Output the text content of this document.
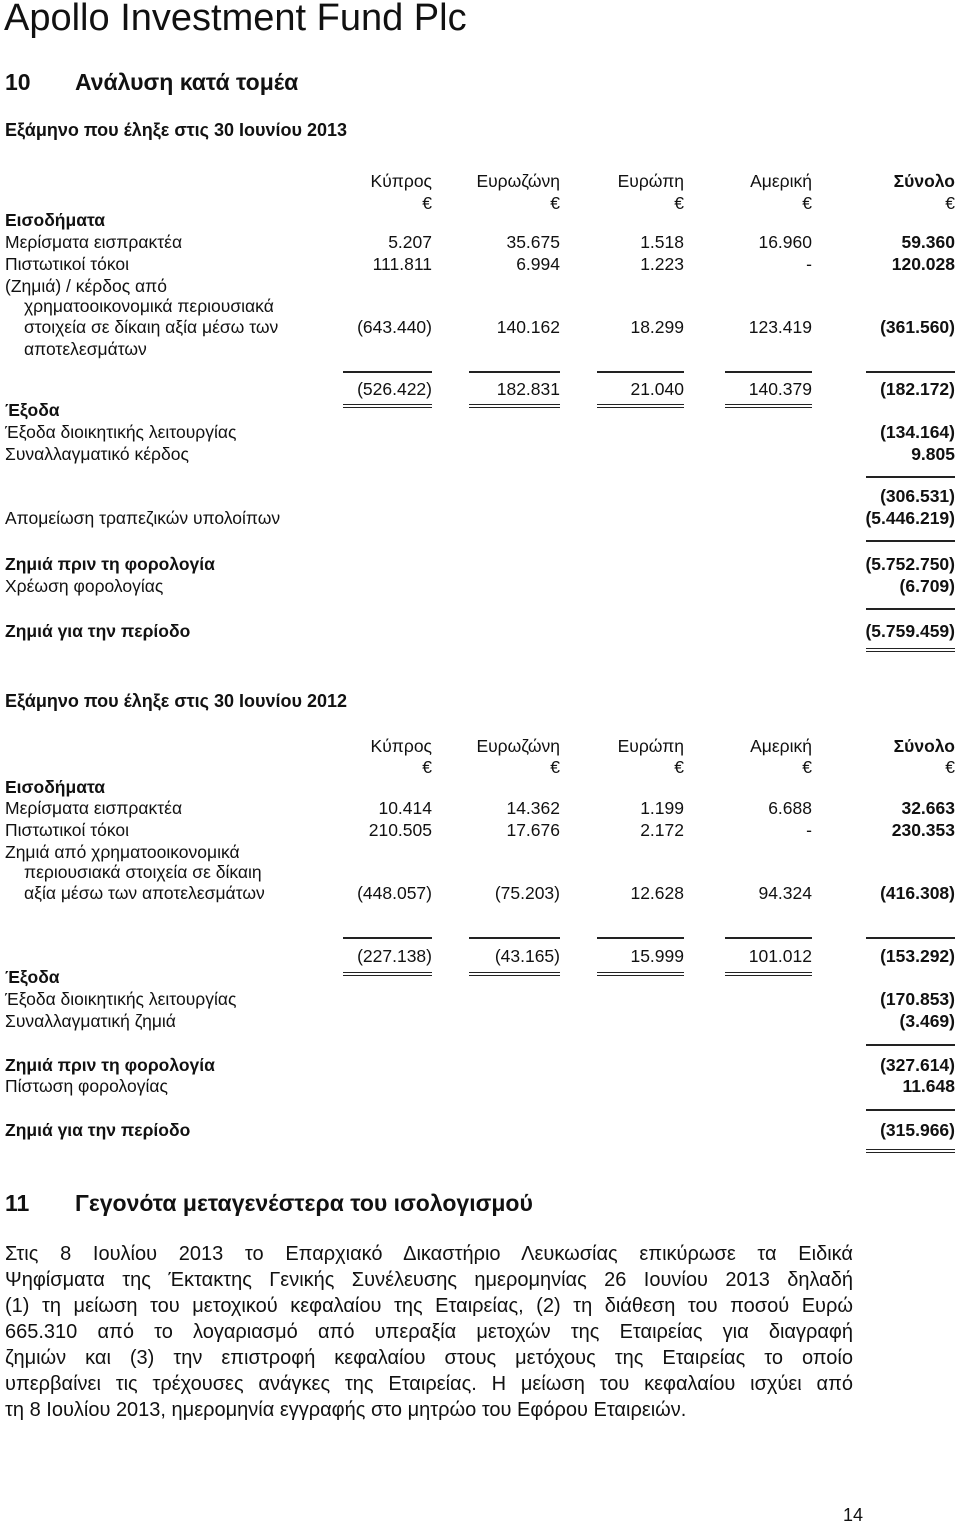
Apollo Investment Fund Plc
10 Ανάλυση κατά τομέα
Εξάμηνο που έληξε στις 30 Ιουνίου 2013
Κύπρος	Ευρωζώνη	Ευρώπη	Αμερική	Σύνολο
€	€	€	€	€
Εισοδήματα
Μερίσματα εισπρακτέα	5.207	35.675	1.518	16.960	59.360
Πιστωτικοί τόκοι	111.811	6.994	1.223	-	120.028
(Ζημιά) / κέρδος από
χρηματοοικονομικά περιουσιακά
στοιχεία σε δίκαιη αξία μέσω των	(643.440)	140.162	18.299	123.419	(361.560)
αποτελεσμάτων
(526.422)	182.831	21.040	140.379	(182.172)
Έξοδα
Έξοδα διοικητικής λειτουργίας	(134.164)
Συναλλαγματικό κέρδος	9.805
(306.531)
Απομείωση τραπεζικών υπολοίπων	(5.446.219)
Ζημιά πριν τη φορολογία	(5.752.750)
Χρέωση φορολογίας	(6.709)
Ζημιά για την περίοδο	(5.759.459)
Εξάμηνο που έληξε στις 30 Ιουνίου 2012
Κύπρος	Ευρωζώνη	Ευρώπη	Αμερική	Σύνολο
€	€	€	€	€
Εισοδήματα
Μερίσματα εισπρακτέα	10.414	14.362	1.199	6.688	32.663
Πιστωτικοί τόκοι	210.505	17.676	2.172	-	230.353
Ζημιά από χρηματοοικονομικά
περιουσιακά στοιχεία σε δίκαιη
αξία μέσω των αποτελεσμάτων	(448.057)	(75.203)	12.628	94.324	(416.308)
(227.138)	(43.165)	15.999	101.012	(153.292)
Έξοδα
Έξοδα διοικητικής λειτουργίας	(170.853)
Συναλλαγματική ζημιά	(3.469)
Ζημιά πριν τη φορολογία	(327.614)
Πίστωση φορολογίας	11.648
Ζημιά για την περίοδο	(315.966)
11 Γεγονότα μεταγενέστερα του ισολογισμού
Στις 8 Ιουλίου 2013 το Επαρχιακό Δικαστήριο Λευκωσίας επικύρωσε τα Ειδικά
Ψηφίσματα της Έκτακτης Γενικής Συνέλευσης ημερομηνίας 26 Ιουνίου 2013 δηλαδή
(1) τη μείωση του μετοχικού κεφαλαίου της Εταιρείας, (2) τη διάθεση του ποσού Ευρώ
665.310 από το λογαριασμό από υπεραξία μετοχών της Εταιρείας για διαγραφή
ζημιών και (3) την επιστροφή κεφαλαίου στους μετόχους της Εταιρείας το οποίο
υπερβαίνει τις τρέχουσες ανάγκες της Εταιρείας. Η μείωση του κεφαλαίου ισχύει από
τη 8 Ιουλίου 2013, ημερομηνία εγγραφής στο μητρώο του Εφόρου Εταιρειών.
14
